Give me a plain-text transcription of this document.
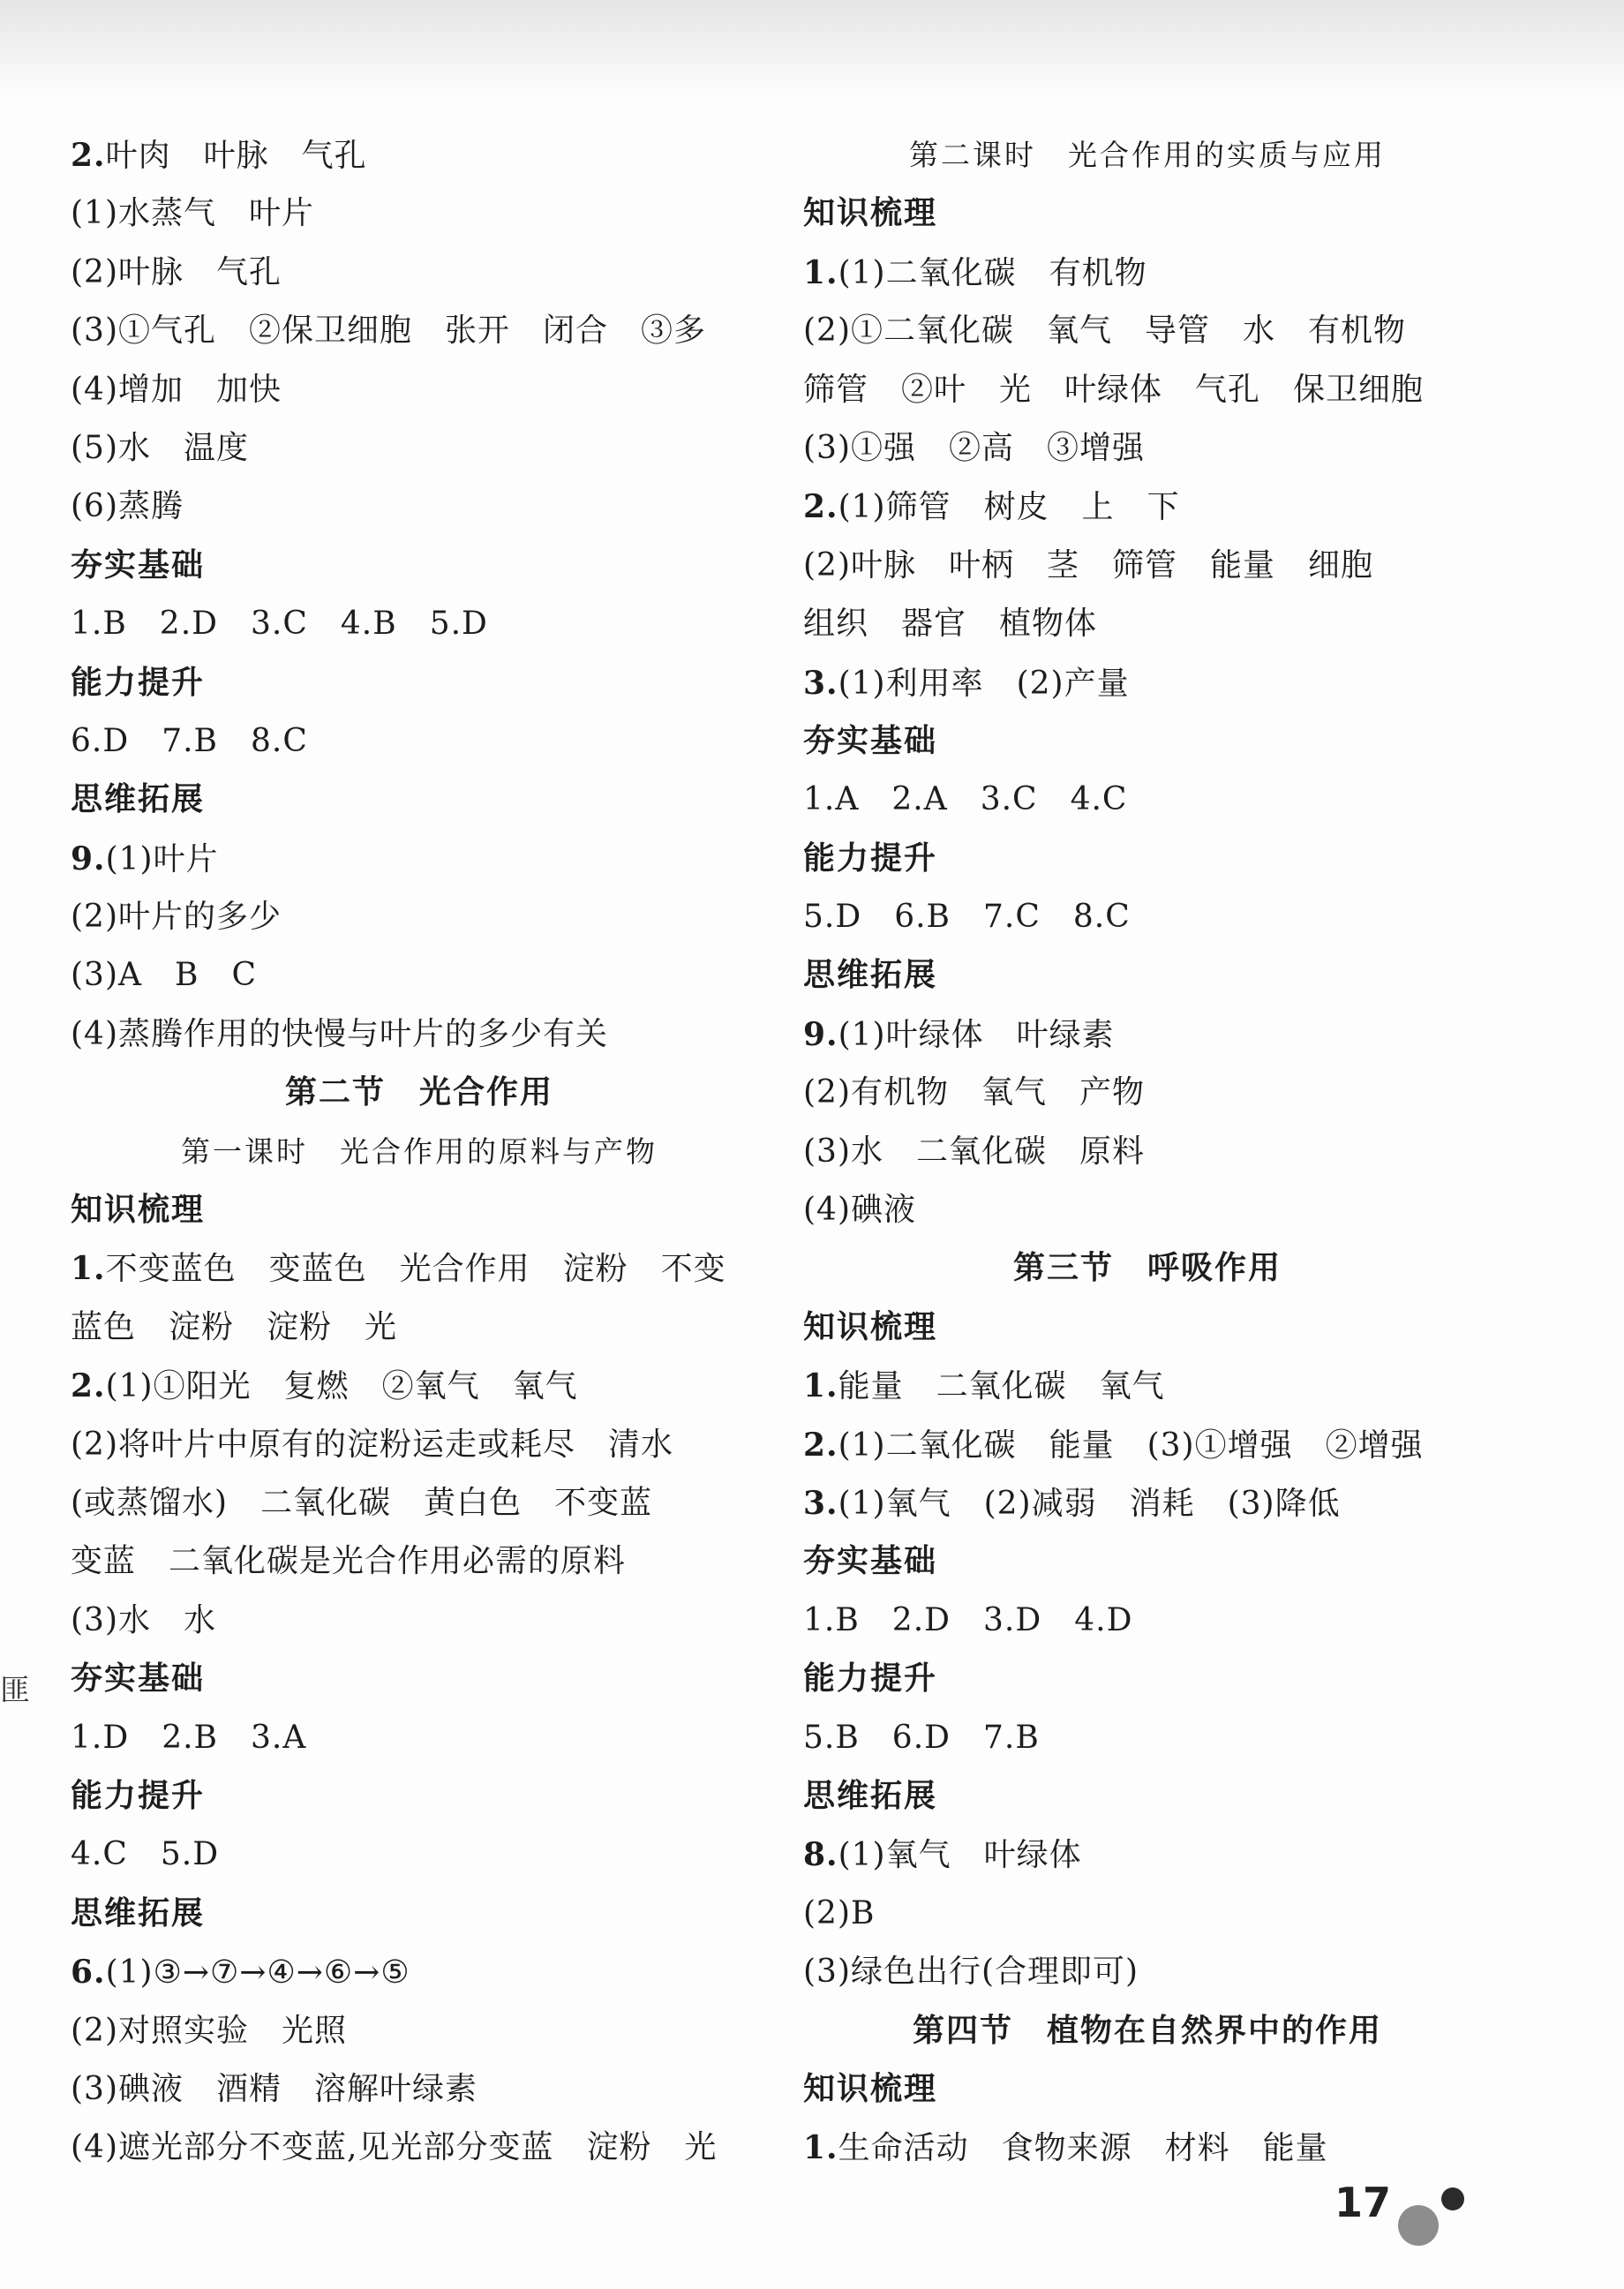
2.叶肉　叶脉　气孔
(1)水蒸气　叶片
(2)叶脉　气孔
(3)①气孔　②保卫细胞　张开　闭合　③多
(4)增加　加快
(5)水　温度
(6)蒸腾
夯实基础
1.B　2.D　3.C　4.B　5.D
能力提升
6.D　7.B　8.C
思维拓展
9.(1)叶片
(2)叶片的多少
(3)A　B　C
(4)蒸腾作用的快慢与叶片的多少有关
第二节　光合作用
第一课时　光合作用的原料与产物
知识梳理
1.不变蓝色　变蓝色　光合作用　淀粉　不变
蓝色　淀粉　淀粉　光
2.(1)①阳光　复燃　②氧气　氧气
(2)将叶片中原有的淀粉运走或耗尽　清水
(或蒸馏水)　二氧化碳　黄白色　不变蓝
变蓝　二氧化碳是光合作用必需的原料
(3)水　水
夯实基础
1.D　2.B　3.A
能力提升
4.C　5.D
思维拓展
6.(1)③→⑦→④→⑥→⑤
(2)对照实验　光照
(3)碘液　酒精　溶解叶绿素
(4)遮光部分不变蓝,见光部分变蓝　淀粉　光
第二课时　光合作用的实质与应用
知识梳理
1.(1)二氧化碳　有机物
(2)①二氧化碳　氧气　导管　水　有机物
筛管　②叶　光　叶绿体　气孔　保卫细胞
(3)①强　②高　③增强
2.(1)筛管　树皮　上　下
(2)叶脉　叶柄　茎　筛管　能量　细胞
组织　器官　植物体
3.(1)利用率　(2)产量
夯实基础
1.A　2.A　3.C　4.C
能力提升
5.D　6.B　7.C　8.C
思维拓展
9.(1)叶绿体　叶绿素
(2)有机物　氧气　产物
(3)水　二氧化碳　原料
(4)碘液
第三节　呼吸作用
知识梳理
1.能量　二氧化碳　氧气
2.(1)二氧化碳　能量　(3)①增强　②增强
3.(1)氧气　(2)减弱　消耗　(3)降低
夯实基础
1.B　2.D　3.D　4.D
能力提升
5.B　6.D　7.B
思维拓展
8.(1)氧气　叶绿体
(2)B
(3)绿色出行(合理即可)
第四节　植物在自然界中的作用
知识梳理
1.生命活动　食物来源　材料　能量
匪
17
